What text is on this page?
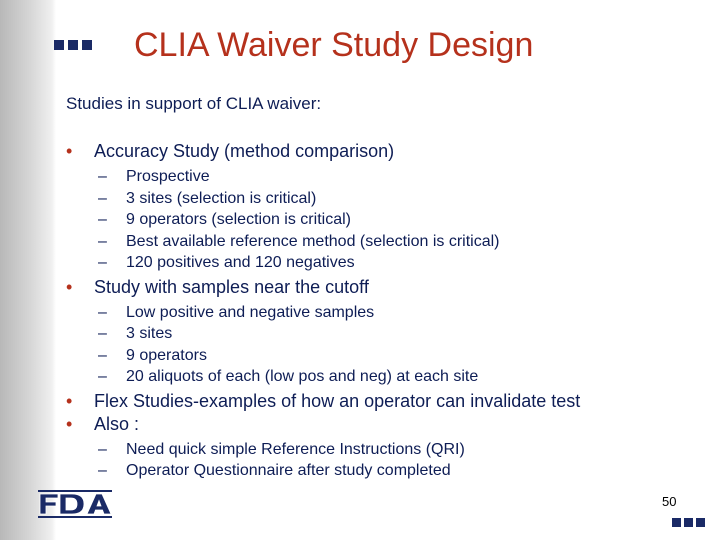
CLIA Waiver Study Design
Studies in support of CLIA waiver:
• Accuracy Study (method comparison)
– Prospective
– 3 sites (selection is critical)
– 9 operators (selection is critical)
– Best available reference method (selection is critical)
– 120 positives and 120 negatives
• Study with samples near the cutoff
– Low positive and negative samples
– 3 sites
– 9 operators
– 20 aliquots of each (low pos and neg) at each site
• Flex Studies-examples of how an operator can invalidate test
• Also :
– Need quick simple Reference Instructions (QRI)
– Operator Questionnaire after study completed
50
